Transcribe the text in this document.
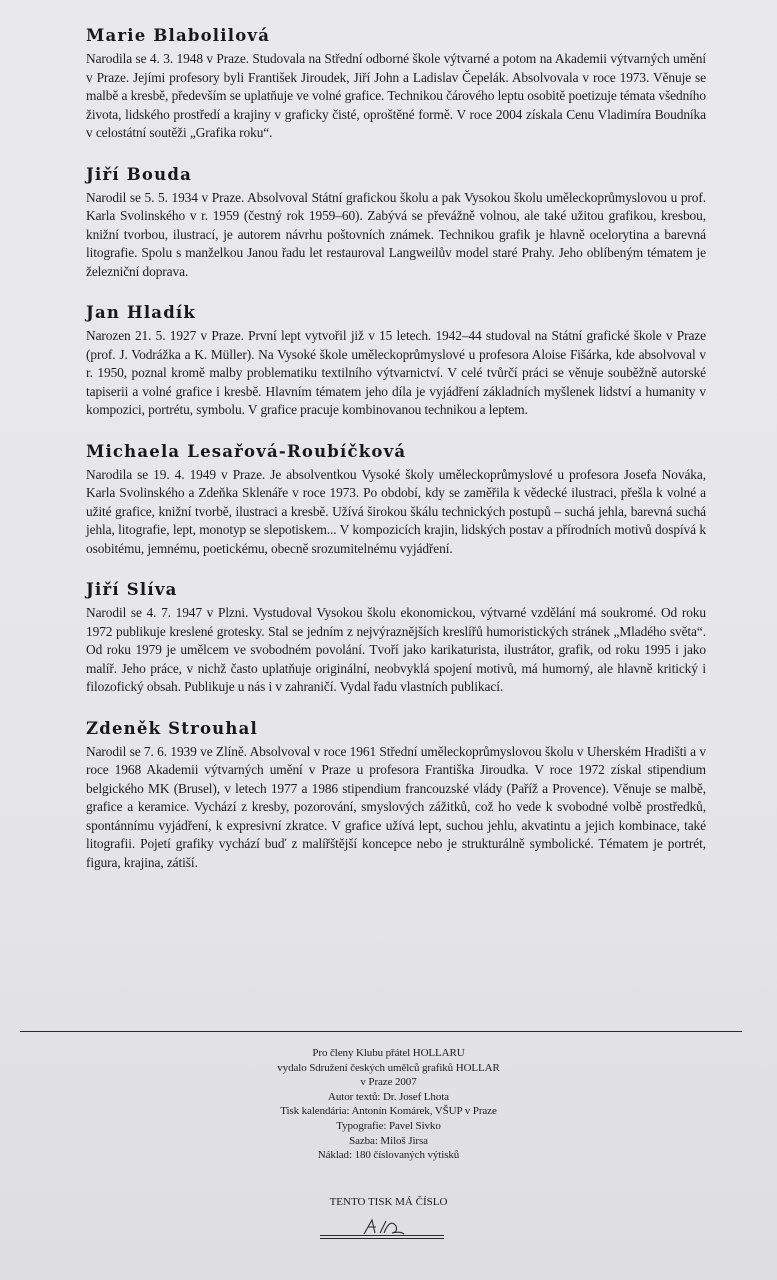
Marie Blabolilová

Narodila se 4. 3. 1948 v Praze. Studovala na Střední odborné škole výtvarné a potom na Akademii výtvarných umění v Praze. Jejími profesory byli František Jiroudek, Jiří John a Ladislav Čepelák. Absolvovala v roce 1973. Věnuje se malbě a kresbě, především se uplatňuje ve volné grafice. Technikou čárového leptu osobitě poetizuje témata všedního života, lidského prostředí a krajiny v graficky čisté, oproštěné formě. V roce 2004 získala Cenu Vladimíra Boudníka v celostátní soutěži „Grafika roku“.

Jiří Bouda

Narodil se 5. 5. 1934 v Praze. Absolvoval Státní grafickou školu a pak Vysokou školu uměleckoprůmyslovou u prof. Karla Svolinského v r. 1959 (čestný rok 1959–60). Zabývá se převážně volnou, ale také užitou grafikou, kresbou, knižní tvorbou, ilustrací, je autorem návrhu poštovních známek. Technikou grafik je hlavně ocelorytina a barevná litografie. Spolu s manželkou Janou řadu let restauroval Langweilův model staré Prahy. Jeho oblíbeným tématem je železniční doprava.

Jan Hladík

Narozen 21. 5. 1927 v Praze. První lept vytvořil již v 15 letech. 1942–44 studoval na Státní grafické škole v Praze (prof. J. Vodrážka a K. Müller). Na Vysoké škole uměleckoprůmyslové u profesora Aloise Fišárka, kde absolvoval v r. 1950, poznal kromě malby problematiku textilního výtvarnictví. V celé tvůrčí práci se věnuje souběžně autorské tapiserii a volné grafice i kresbě. Hlavním tématem jeho díla je vyjádření základních myšlenek lidství a humanity v kompozici, portrétu, symbolu. V grafice pracuje kombinovanou technikou a leptem.

Michaela Lesařová-Roubíčková

Narodila se 19. 4. 1949 v Praze. Je absolventkou Vysoké školy uměleckoprůmyslové u profesora Josefa Nováka, Karla Svolinského a Zdeňka Sklenáře v roce 1973. Po období, kdy se zaměřila k vědecké ilustraci, přešla k volné a užité grafice, knižní tvorbě, ilustraci a kresbě. Užívá širokou škálu technických postupů – suchá jehla, barevná suchá jehla, litografie, lept, monotyp se slepotiskem... V kompozicích krajin, lidských postav a přírodních motivů dospívá k osobitému, jemnému, poetickému, obecně srozumitelnému vyjádření.

Jiří Slíva

Narodil se 4. 7. 1947 v Plzni. Vystudoval Vysokou školu ekonomickou, výtvarné vzdělání má soukromé. Od roku 1972 publikuje kreslené grotesky. Stal se jedním z nejvýraznějších kreslířů humoristických stránek „Mladého světa“. Od roku 1979 je umělcem ve svobodném povolání. Tvoří jako karikaturista, ilustrátor, grafik, od roku 1995 i jako malíř. Jeho práce, v nichž často uplatňuje originální, neobvyklá spojení motivů, má humorný, ale hlavně kritický i filozofický obsah. Publikuje u nás i v zahraničí. Vydal řadu vlastních publikací.

Zdeněk Strouhal

Narodil se 7. 6. 1939 ve Zlíně. Absolvoval v roce 1961 Střední uměleckoprůmyslovou školu v Uherském Hradišti a v roce 1968 Akademii výtvarných umění v Praze u profesora Františka Jiroudka. V roce 1972 získal stipendium belgického MK (Brusel), v letech 1977 a 1986 stipendium francouzské vlády (Paříž a Provence). Věnuje se malbě, grafice a keramice. Vychází z kresby, pozorování, smyslových zážitků, což ho vede k svobodné volbě prostředků, spontánnímu vyjádření, k expresivní zkratce. V grafice užívá lept, suchou jehlu, akvatintu a jejich kombinace, také litografii. Pojetí grafiky vychází buď z malířštější koncepce nebo je strukturálně symbolické. Tématem je portrét, figura, krajina, zátiší.

Pro členy Klubu přátel HOLLARU
vydalo Sdružení českých umělců grafiků HOLLAR
v Praze 2007
Autor textů: Dr. Josef Lhota
Tisk kalendária: Antonín Komárek, VŠUP v Praze
Typografie: Pavel Sivko
Sazba: Miloš Jirsa
Náklad: 180 číslovaných výtisků
TENTO TISK MÁ ČÍSLO
